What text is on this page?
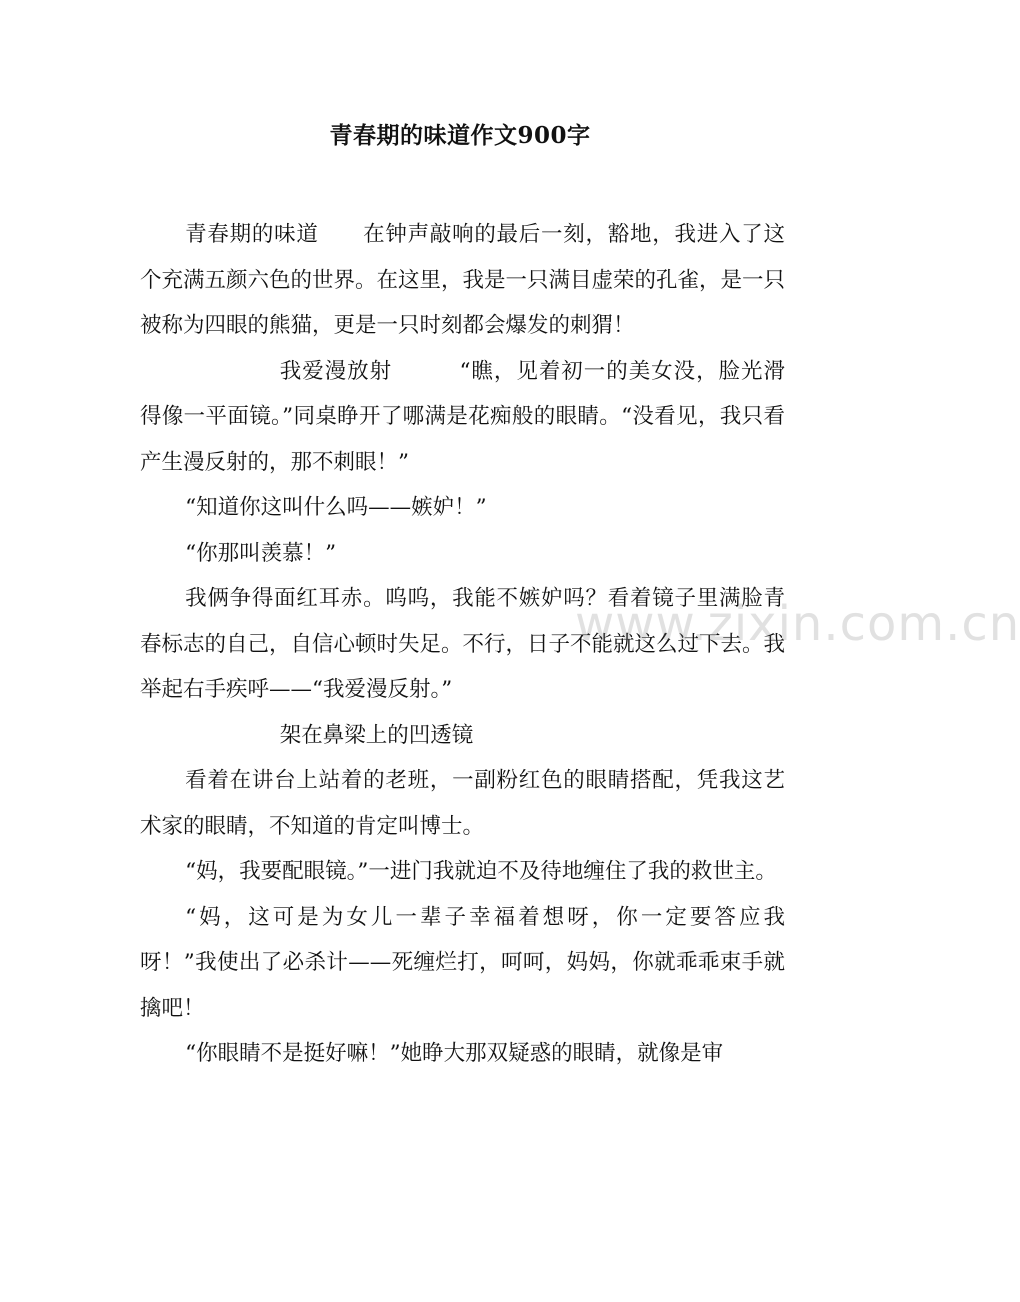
青春期的味道作文900字

青春期的味道　　在钟声敲响的最后一刻，豁地，我进入了这个充满五颜六色的世界。在这里，我是一只满目虚荣的孔雀，是一只被称为四眼的熊猫，更是一只时刻都会爆发的刺猬！

我爱漫放射　　　“瞧，见着初一的美女没，脸光滑得像一平面镜。”同桌睁开了哪满是花痴般的眼睛。“没看见，我只看产生漫反射的，那不刺眼！”

“知道你这叫什么吗——嫉妒！”

“你那叫羡慕！”

我俩争得面红耳赤。呜呜，我能不嫉妒吗？看着镜子里满脸青春标志的自己，自信心顿时失足。不行，日子不能就这么过下去。我举起右手疾呼——“我爱漫反射。”

架在鼻梁上的凹透镜

看着在讲台上站着的老班，一副粉红色的眼睛搭配，凭我这艺术家的眼睛，不知道的肯定叫博士。

“妈，我要配眼镜。”一进门我就迫不及待地缠住了我的救世主。

“妈，这可是为女儿一辈子幸福着想呀，你一定要答应我呀！”我使出了必杀计——死缠烂打，呵呵，妈妈，你就乖乖束手就擒吧！

“你眼睛不是挺好嘛！”她睁大那双疑惑的眼睛，就像是审

www.zixin.com.cn
